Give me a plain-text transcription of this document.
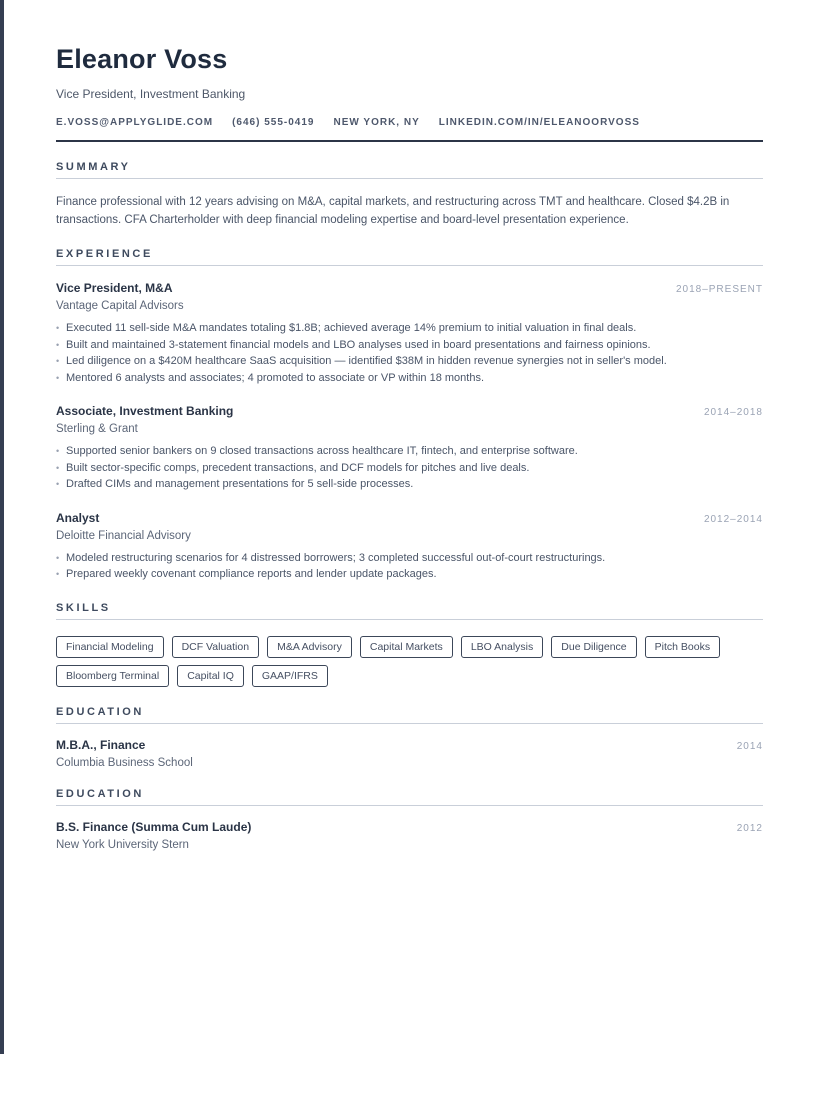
Eleanor Voss
Vice President, Investment Banking
E.VOSS@APPLYGLIDE.COM (646) 555-0419 NEW YORK, NY LINKEDIN.COM/IN/ELEANOORVOSS
SUMMARY

Finance professional with 12 years advising on M&A, capital markets, and restructuring across TMT and healthcare. Closed $4.2B in transactions. CFA Charterholder with deep financial modeling expertise and board-level presentation experience.

EXPERIENCE
Vice President, M&A	2018–PRESENT
Vantage Capital Advisors
• Executed 11 sell-side M&A mandates totaling $1.8B; achieved average 14% premium to initial valuation in final deals.
• Built and maintained 3-statement financial models and LBO analyses used in board presentations and fairness opinions.
• Led diligence on a $420M healthcare SaaS acquisition — identified $38M in hidden revenue synergies not in seller's model.
• Mentored 6 analysts and associates; 4 promoted to associate or VP within 18 months.
Associate, Investment Banking	2014–2018
Sterling & Grant
• Supported senior bankers on 9 closed transactions across healthcare IT, fintech, and enterprise software.
• Built sector-specific comps, precedent transactions, and DCF models for pitches and live deals.
• Drafted CIMs and management presentations for 5 sell-side processes.
Analyst	2012–2014
Deloitte Financial Advisory
• Modeled restructuring scenarios for 4 distressed borrowers; 3 completed successful out-of-court restructurings.
• Prepared weekly covenant compliance reports and lender update packages.
SKILLS
Financial Modeling	DCF Valuation	M&A Advisory	Capital Markets	LBO Analysis	Due Diligence	Pitch Books
Bloomberg Terminal	Capital IQ	GAAP/IFRS
EDUCATION
M.B.A., Finance	2014
Columbia Business School
EDUCATION
B.S. Finance (Summa Cum Laude)	2012
New York University Stern
